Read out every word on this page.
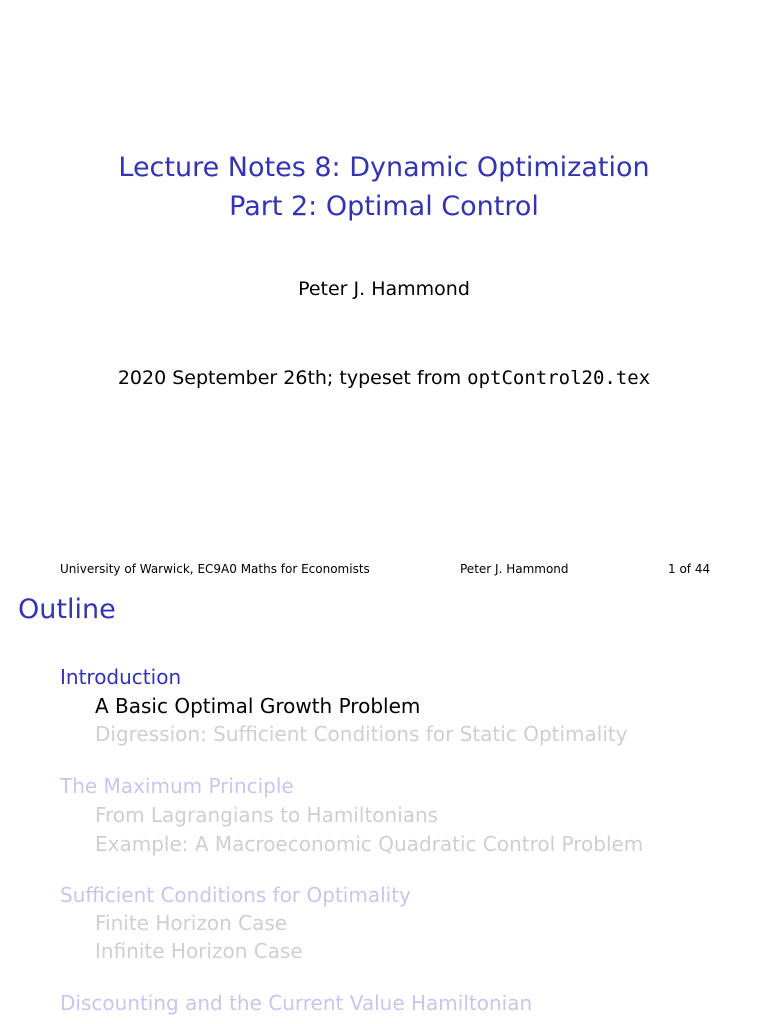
Lecture Notes 8: Dynamic Optimization
Part 2: Optimal Control
Peter J. Hammond
2020 September 26th; typeset from optControl20.tex
University of Warwick, EC9A0 Maths for Economists	Peter J. Hammond	1 of 44
Outline
Introduction
A Basic Optimal Growth Problem
Digression: Sufficient Conditions for Static Optimality
The Maximum Principle
From Lagrangians to Hamiltonians
Example: A Macroeconomic Quadratic Control Problem
Sufficient Conditions for Optimality
Finite Horizon Case
Infinite Horizon Case
Discounting and the Current Value Hamiltonian
